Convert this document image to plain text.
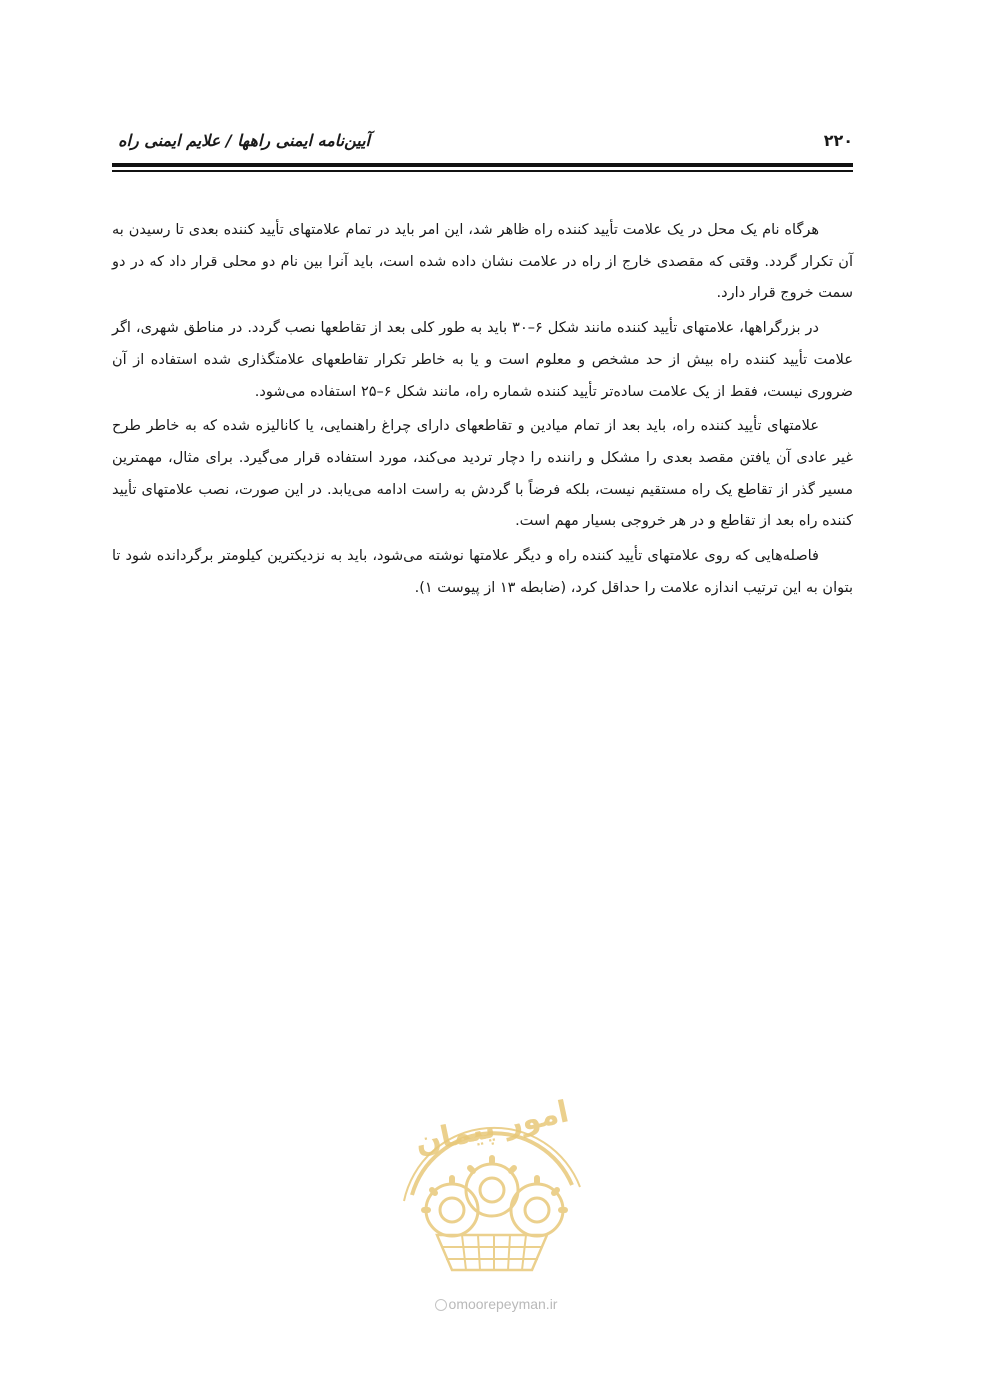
آیین‌نامه ایمنی راهها / علایم ایمنی راه	۲۲۰

هرگاه نام یک محل در یک علامت تأیید کننده راه ظاهر شد، این امر باید در تمام علامتهای تأیید کننده بعدی تا رسیدن به آن تکرار گردد. وقتی که مقصدی خارج از راه در علامت نشان داده شده است، باید آنرا بین نام دو محلی قرار داد که در دو سمت خروج قرار دارد.

در بزرگراهها، علامتهای تأیید کننده مانند شکل ۶–۳۰ باید به طور کلی بعد از تقاطعها نصب گردد. در مناطق شهری، اگر علامت تأیید کننده راه بیش از حد مشخص و معلوم است و یا به خاطر تکرار تقاطعهای علامتگذاری شده استفاده از آن ضروری نیست، فقط از یک علامت ساده‌تر تأیید کننده شماره راه، مانند شکل ۶–۲۵ استفاده می‌شود.

علامتهای تأیید کننده راه، باید بعد از تمام میادین و تقاطعهای دارای چراغ راهنمایی، یا کانالیزه شده که به خاطر طرح غیر عادی آن یافتن مقصد بعدی را مشکل و راننده را دچار تردید می‌کند، مورد استفاده قرار می‌گیرد. برای مثال، مهمترین مسیر گذر از تقاطع یک راه مستقیم نیست، بلکه فرضاً با گردش به راست ادامه می‌یابد. در این صورت، نصب علامتهای تأیید کننده راه بعد از تقاطع و در هر خروجی بسیار مهم است.

فاصله‌هایی که روی علامتهای تأیید کننده راه و دیگر علامتها نوشته می‌شود، باید به نزدیکترین کیلومتر برگردانده شود تا بتوان به این ترتیب اندازه علامت را حداقل کرد، (ضابطه ۱۳ از پیوست ۱).

امور پیمان
omoorepeyman.ir
